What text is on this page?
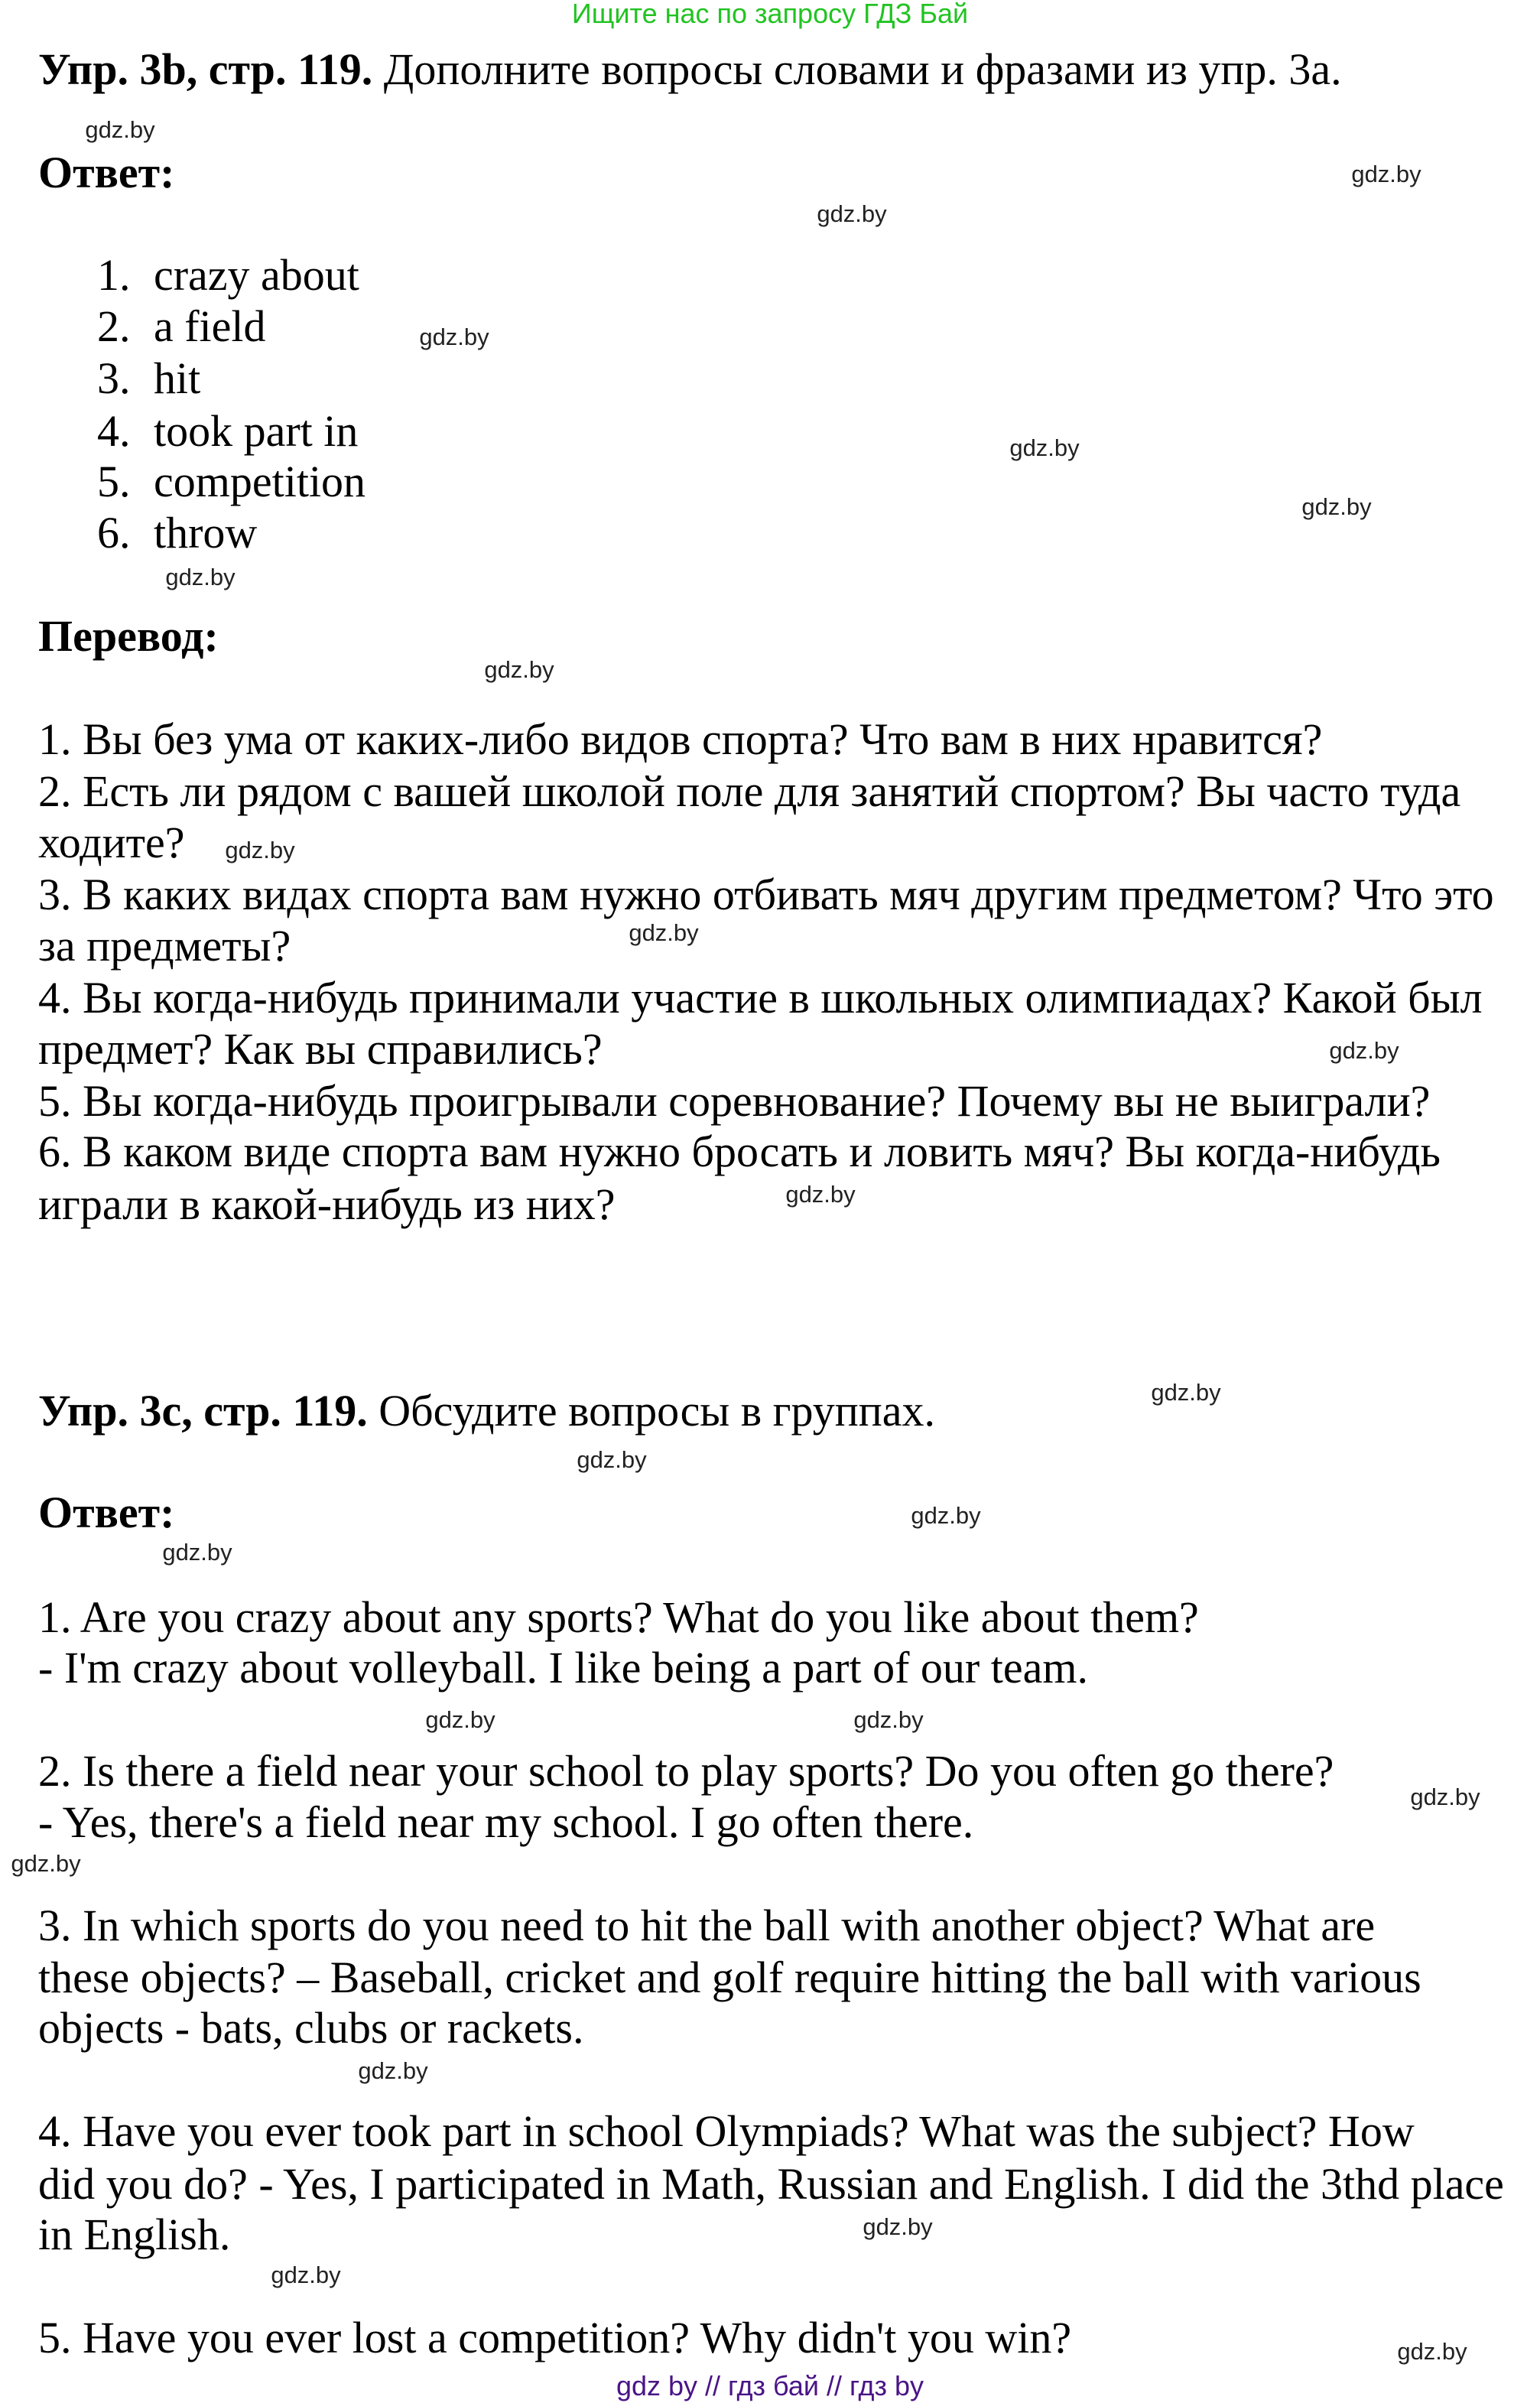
Ищите нас по запросу ГДЗ Бай
Упр. 3b, стр. 119. Дополните вопросы словами и фразами из упр. 3a.
Ответ:
1. crazy about
2. a field
3. hit
4. took part in
5. competition
6. throw
Перевод:
1. Вы без ума от каких-либо видов спорта? Что вам в них нравится?
2. Есть ли рядом с вашей школой поле для занятий спортом? Вы часто туда
ходите?
3. В каких видах спорта вам нужно отбивать мяч другим предметом? Что это
за предметы?
4. Вы когда-нибудь принимали участие в школьных олимпиадах? Какой был
предмет? Как вы справились?
5. Вы когда-нибудь проигрывали соревнование? Почему вы не выиграли?
6. В каком виде спорта вам нужно бросать и ловить мяч? Вы когда-нибудь
играли в какой-нибудь из них?
Упр. 3c, стр. 119. Обсудите вопросы в группах.
Ответ:
1. Are you crazy about any sports? What do you like about them?
- I'm crazy about volleyball. I like being a part of our team.
2. Is there a field near your school to play sports? Do you often go there?
- Yes, there's a field near my school. I go often there.
3. In which sports do you need to hit the ball with another object? What are
these objects? – Baseball, cricket and golf require hitting the ball with various
objects - bats, clubs or rackets.
4. Have you ever took part in school Olympiads? What was the subject? How
did you do? - Yes, I participated in Math, Russian and English. I did the 3thd place
in English.
5. Have you ever lost a competition? Why didn't you win?
gdz by // гдз бай // гдз by
gdz.by
gdz.by
gdz.by
gdz.by
gdz.by
gdz.by
gdz.by
gdz.by
gdz.by
gdz.by
gdz.by
gdz.by
gdz.by
gdz.by
gdz.by
gdz.by
gdz.by
gdz.by
gdz.by
gdz.by
gdz.by
gdz.by
gdz.by
gdz.by
